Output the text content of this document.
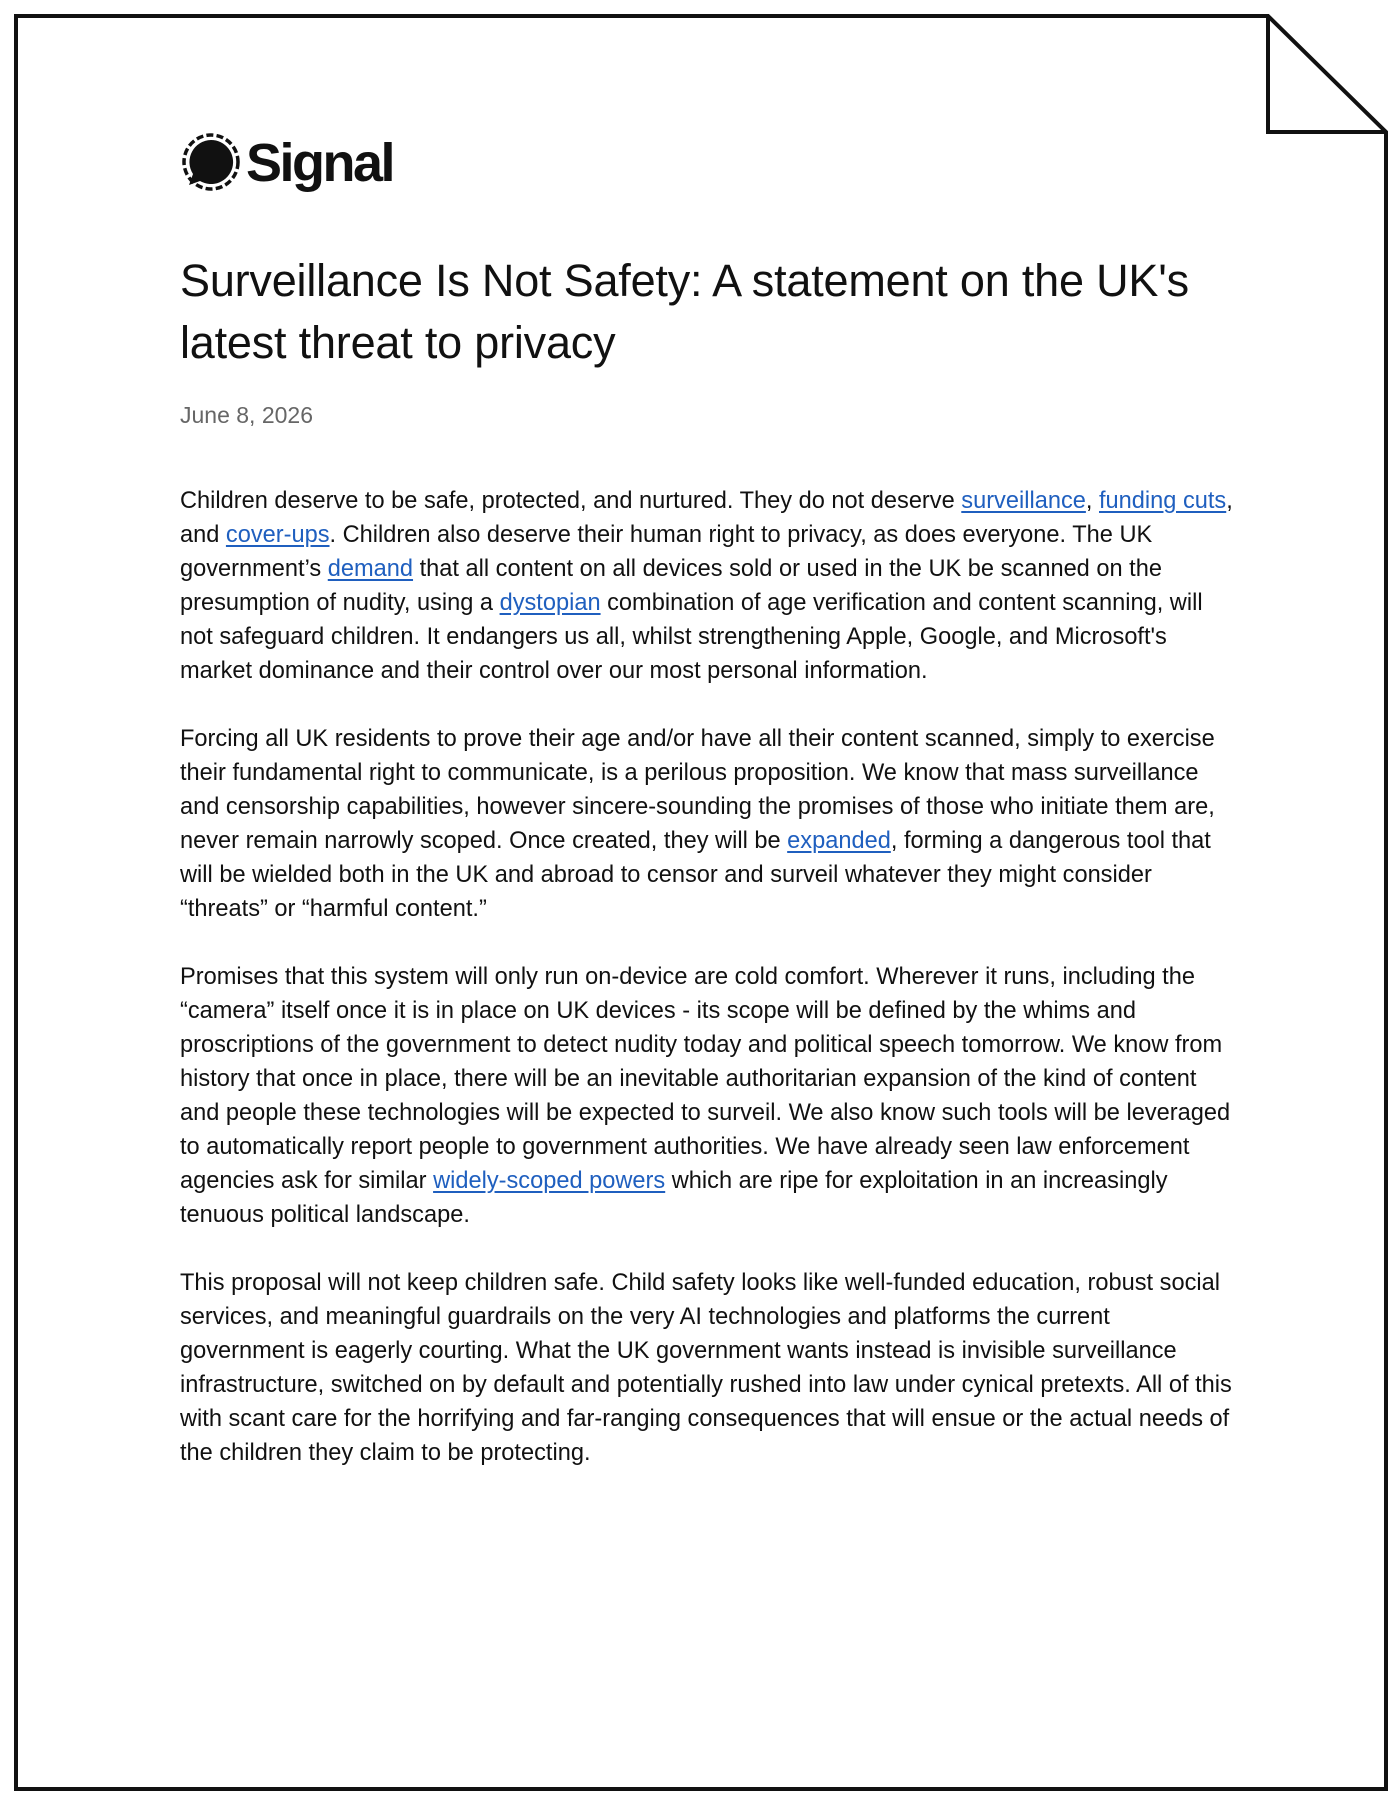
Signal
Surveillance Is Not Safety: A statement on the UK's latest threat to privacy
June 8, 2026

Children deserve to be safe, protected, and nurtured. They do not deserve surveillance, funding cuts, and cover-ups. Children also deserve their human right to privacy, as does everyone. The UK government’s demand that all content on all devices sold or used in the UK be scanned on the presumption of nudity, using a dystopian combination of age verification and content scanning, will not safeguard children. It endangers us all, whilst strengthening Apple, Google, and Microsoft's market dominance and their control over our most personal information.

Forcing all UK residents to prove their age and/or have all their content scanned, simply to exercise their fundamental right to communicate, is a perilous proposition. We know that mass surveillance and censorship capabilities, however sincere-sounding the promises of those who initiate them are, never remain narrowly scoped. Once created, they will be expanded, forming a dangerous tool that will be wielded both in the UK and abroad to censor and surveil whatever they might consider “threats” or “harmful content.”

Promises that this system will only run on-device are cold comfort. Wherever it runs, including the “camera” itself once it is in place on UK devices - its scope will be defined by the whims and proscriptions of the government to detect nudity today and political speech tomorrow. We know from history that once in place, there will be an inevitable authoritarian expansion of the kind of content and people these technologies will be expected to surveil. We also know such tools will be leveraged to automatically report people to government authorities. We have already seen law enforcement agencies ask for similar widely-scoped powers which are ripe for exploitation in an increasingly tenuous political landscape.

This proposal will not keep children safe. Child safety looks like well-funded education, robust social services, and meaningful guardrails on the very AI technologies and platforms the current government is eagerly courting. What the UK government wants instead is invisible surveillance infrastructure, switched on by default and potentially rushed into law under cynical pretexts. All of this with scant care for the horrifying and far-ranging consequences that will ensue or the actual needs of the children they claim to be protecting.
